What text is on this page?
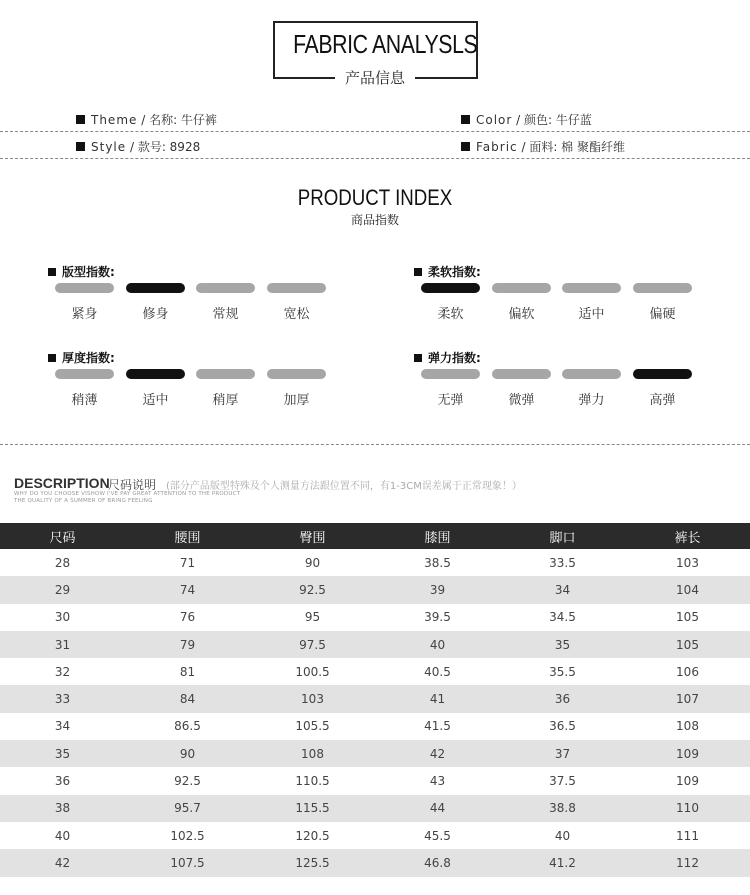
FABRIC ANALYSLS
产品信息
Theme / 名称: 牛仔裤	Color / 颜色: 牛仔蓝
Style / 款号: 8928	Fabric / 面料: 棉 聚酯纤维
PRODUCT INDEX
商品指数
版型指数:
紧身	修身	常规	宽松
柔软指数:
柔软	偏软	适中	偏硬
厚度指数:
稍薄	适中	稍厚	加厚
弹力指数:
无弹	微弹	弹力	高弹
DESCRIPTION
尺码说明 (部分产品版型特殊及个人测量方法跟位置不同，有1-3CM误差属于正常现象！）
WHY DO YOU CHOOSE VISHOW I'VE PAY GREAT ATTENTION TO THE PRODUCT
THE QUALITY OF A SUMMER OF BRING FEELING
尺码	腰围	臀围	膝围	脚口	裤长
28	71	90	38.5	33.5	103
29	74	92.5	39	34	104
30	76	95	39.5	34.5	105
31	79	97.5	40	35	105
32	81	100.5	40.5	35.5	106
33	84	103	41	36	107
34	86.5	105.5	41.5	36.5	108
35	90	108	42	37	109
36	92.5	110.5	43	37.5	109
38	95.7	115.5	44	38.8	110
40	102.5	120.5	45.5	40	111
42	107.5	125.5	46.8	41.2	112
